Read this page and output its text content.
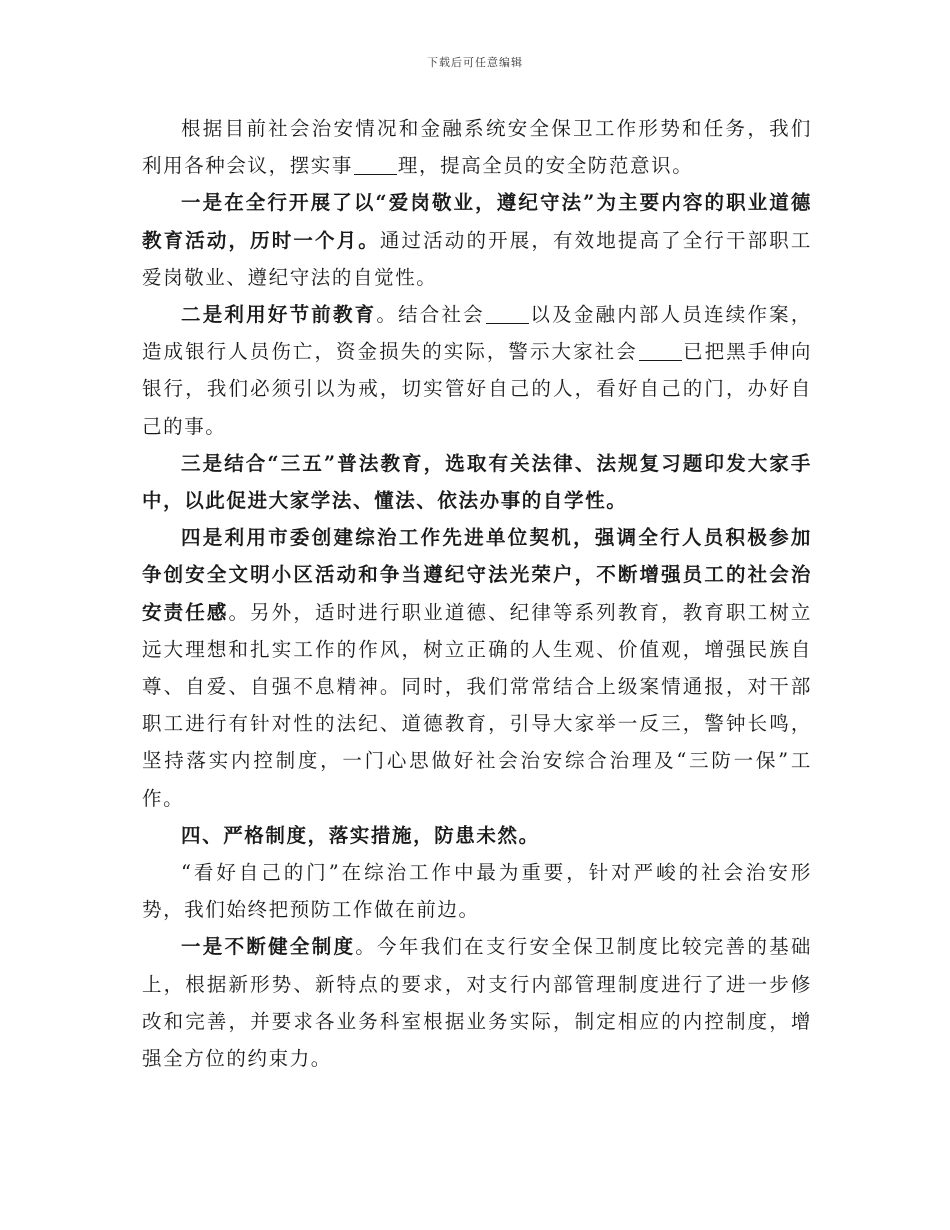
下载后可任意编辑

根据目前社会治安情况和金融系统安全保卫工作形势和任务，我们利用各种会议，摆实事 理，提高全员的安全防范意识。

一是在全行开展了以“爱岗敬业，遵纪守法”为主要内容的职业道德教育活动，历时一个月。通过活动的开展，有效地提高了全行干部职工爱岗敬业、遵纪守法的自觉性。

二是利用好节前教育。结合社会 以及金融内部人员连续作案，造成银行人员伤亡，资金损失的实际，警示大家社会 已把黑手伸向银行，我们必须引以为戒，切实管好自己的人，看好自己的门，办好自己的事。

三是结合“三五”普法教育，选取有关法律、法规复习题印发大家手中，以此促进大家学法、懂法、依法办事的自学性。

四是利用市委创建综治工作先进单位契机，强调全行人员积极参加争创安全文明小区活动和争当遵纪守法光荣户，不断增强员工的社会治安责任感。另外，适时进行职业道德、纪律等系列教育，教育职工树立远大理想和扎实工作的作风，树立正确的人生观、价值观，增强民族自尊、自爱、自强不息精神。同时，我们常常结合上级案情通报，对干部职工进行有针对性的法纪、道德教育，引导大家举一反三，警钟长鸣，坚持落实内控制度，一门心思做好社会治安综合治理及“三防一保”工作。

四、严格制度，落实措施，防患未然。

“看好自己的门”在综治工作中最为重要，针对严峻的社会治安形势，我们始终把预防工作做在前边。

一是不断健全制度。今年我们在支行安全保卫制度比较完善的基础上，根据新形势、新特点的要求，对支行内部管理制度进行了进一步修改和完善，并要求各业务科室根据业务实际，制定相应的内控制度，增强全方位的约束力。
